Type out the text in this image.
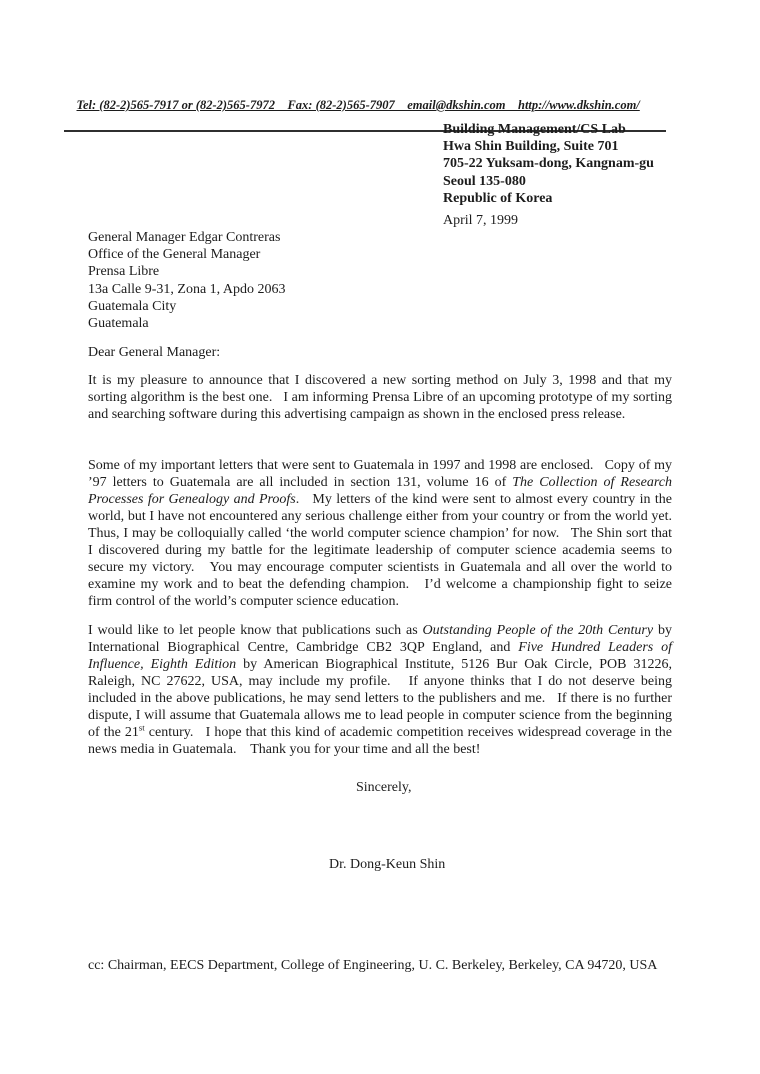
Tel: (82-2)565-7917 or (82-2)565-7972    Fax: (82-2)565-7907    email@dkshin.com    http://www.dkshin.com/

Building Management/CS Lab
Hwa Shin Building, Suite 701
705-22 Yuksam-dong, Kangnam-gu
Seoul 135-080
Republic of Korea
April 7, 1999
General Manager Edgar Contreras
Office of the General Manager
Prensa Libre
13a Calle 9-31, Zona 1, Apdo 2063
Guatemala City
Guatemala
Dear General Manager:
It is my pleasure to announce that I discovered a new sorting method on July 3, 1998 and that my sorting algorithm is the best one.   I am informing Prensa Libre of an upcoming prototype of my sorting and searching software during this advertising campaign as shown in the enclosed press release.
Some of my important letters that were sent to Guatemala in 1997 and 1998 are enclosed.   Copy of my ’97 letters to Guatemala are all included in section 131, volume 16 of The Collection of Research Processes for Genealogy and Proofs.   My letters of the kind were sent to almost every country in the world, but I have not encountered any serious challenge either from your country or from the world yet.   Thus, I may be colloquially called ‘the world computer science champion’ for now.   The Shin sort that I discovered during my battle for the legitimate leadership of computer science academia seems to secure my victory.   You may encourage computer scientists in Guatemala and all over the world to examine my work and to beat the defending champion.   I’d welcome a championship fight to seize firm control of the world’s computer science education.
I would like to let people know that publications such as Outstanding People of the 20th Century by International Biographical Centre, Cambridge CB2 3QP England, and Five Hundred Leaders of Influence, Eighth Edition by American Biographical Institute, 5126 Bur Oak Circle, POB 31226, Raleigh, NC 27622, USA, may include my profile.   If anyone thinks that I do not deserve being included in the above publications, he may send letters to the publishers and me.   If there is no further dispute, I will assume that Guatemala allows me to lead people in computer science from the beginning of the 21st century.   I hope that this kind of academic competition receives widespread coverage in the news media in Guatemala.    Thank you for your time and all the best!
Sincerely,
Dr. Dong-Keun Shin
cc: Chairman, EECS Department, College of Engineering, U. C. Berkeley, Berkeley, CA 94720, USA
